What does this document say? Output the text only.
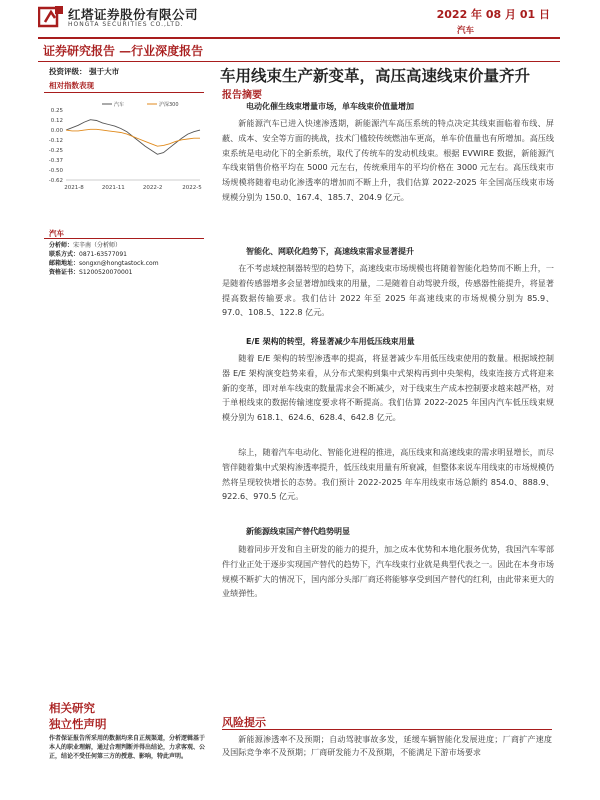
红塔证券股份有限公司
HONGTA SECURITIES CO.,LTD.
2022 年 08 月 01 日
汽车
证券研究报告 —行业深度报告
投资评级： 强于大市
相对指数表现
0.25
0.12
0.00
-0.12
-0.25
-0.37
-0.50
-0.62
2021-8	2021-11	2022-2	2022-5
汽车	沪深300
汽车
分析师：宋辛南（分析师）
联系方式：0871-63577091
邮箱地址：songxn@hongtastock.com
资格证书：S1200520070001
车用线束生产新变革，高压高速线束价量齐升
报告摘要
电动化催生线束增量市场，单车线束价值量增加
新能源汽车已进入快速渗透期，新能源汽车高压系统的特点决定其线束面临着布线、屏蔽、成本、安全等方面的挑战，技术门槛较传统燃油车更高，单车价值量也有所增加。高压线束系统是电动化下的全新系统，取代了传统车的发动机线束。根据 EVWIRE 数据，新能源汽车线束销售价格平均在 5000 元左右，传统乘用车的平均价格在 3000 元左右。高压线束市场规模将随着电动化渗透率的增加而不断上升，我们估算 2022-2025 年全国高压线束市场规模分别为 150.0、167.4、185.7、204.9 亿元。
智能化、网联化趋势下，高速线束需求显著提升
在不考虑域控制器转型的趋势下，高速线束市场规模也将随着智能化趋势而不断上升，一是随着传感器增多会显著增加线束的用量，二是随着自动驾驶升级，传感器性能提升，将显著提高数据传输要求。我们估计 2022 年至 2025 年高速线束的市场规模分别为 85.9、97.0、108.5、122.8 亿元。
E/E 架构的转型，将显著减少车用低压线束用量
随着 E/E 架构的转型渗透率的提高，将显著减少车用低压线束使用的数量。根据域控制器 E/E 架构演变趋势来看，从分布式架构到集中式架构再到中央架构，线束连接方式将迎来新的变革，即对单车线束的数量需求会不断减少，对于线束生产成本控制要求越来越严格，对于单根线束的数据传输速度要求将不断提高。我们估算 2022-2025 年国内汽车低压线束规模分别为 618.1、624.6、628.4、642.8 亿元。
综上，随着汽车电动化、智能化进程的推进，高压线束和高速线束的需求明显增长，而尽管伴随着集中式架构渗透率提升，低压线束用量有所衰减，但整体来说车用线束的市场规模仍然将呈现较快增长的态势。我们预计 2022-2025 年车用线束市场总额约 854.0、888.9、922.6、970.5 亿元。
新能源线束国产替代趋势明显
随着同步开发和自主研发的能力的提升，加之成本优势和本地化服务优势，我国汽车零部件行业正处于逐步实现国产替代的趋势下，汽车线束行业就是典型代表之一。因此在本身市场规模不断扩大的情况下，国内部分头部厂商还将能够享受到国产替代的红利，由此带来更大的业绩弹性。
相关研究
独立性声明
作者保证报告所采用的数据均来自正规渠道，分析逻辑基于本人的职业理解，通过合理判断并得出结论，力求客观、公正，结论不受任何第三方的授意、影响，特此声明。
风险提示
新能源渗透率不及预期；自动驾驶事故多发，延缓车辆智能化发展进度；厂商扩产速度及国际竞争率不及预期；厂商研发能力不及预期，不能满足下游市场要求
